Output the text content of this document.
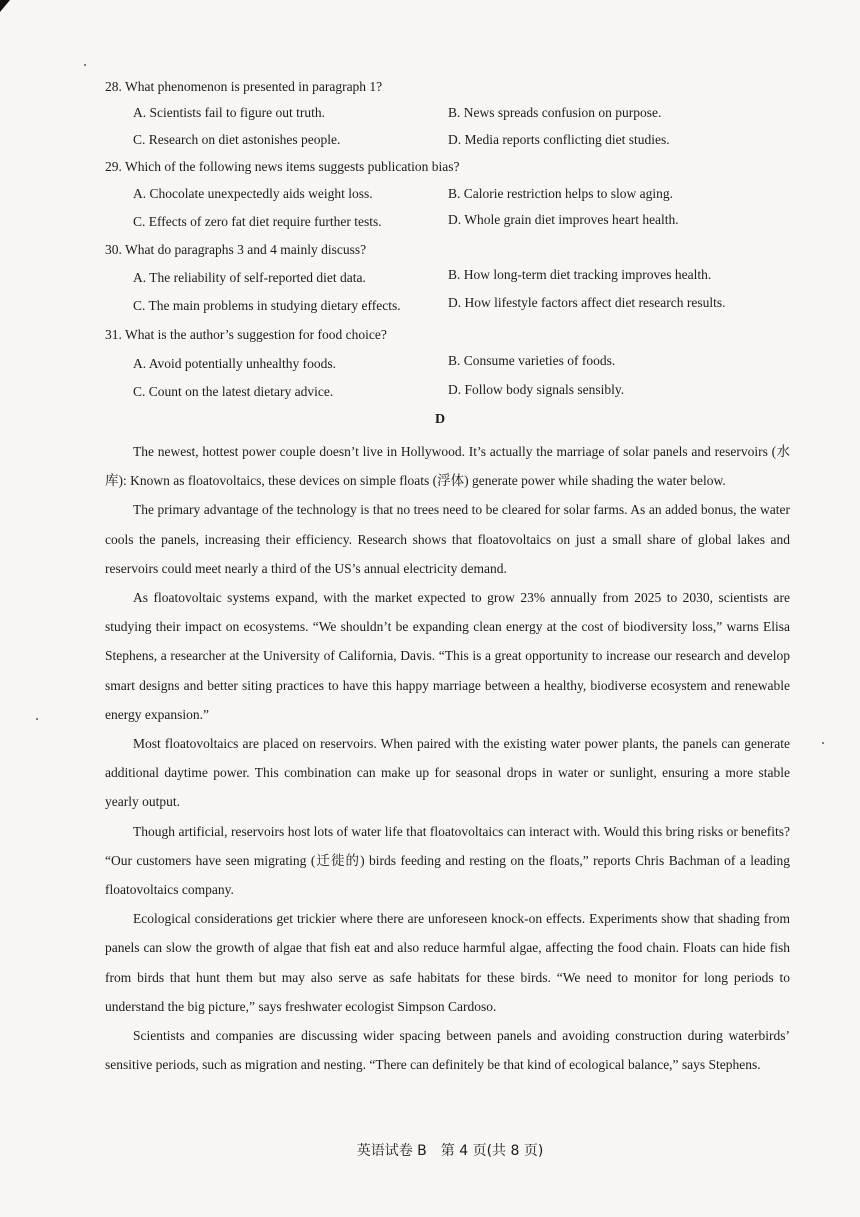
28. What phenomenon is presented in paragraph 1?
A. Scientists fail to figure out truth.	B. News spreads confusion on purpose.
C. Research on diet astonishes people.	D. Media reports conflicting diet studies.
29. Which of the following news items suggests publication bias?
A. Chocolate unexpectedly aids weight loss.	B. Calorie restriction helps to slow aging.
C. Effects of zero fat diet require further tests.	D. Whole grain diet improves heart health.
30. What do paragraphs 3 and 4 mainly discuss?
A. The reliability of self-reported diet data.	B. How long-term diet tracking improves health.
C. The main problems in studying dietary effects.	D. How lifestyle factors affect diet research results.
31. What is the author’s suggestion for food choice?
A. Avoid potentially unhealthy foods.	B. Consume varieties of foods.
C. Count on the latest dietary advice.	D. Follow body signals sensibly.
D

The newest, hottest power couple doesn’t live in Hollywood. It’s actually the marriage of solar panels and reservoirs (水库): Known as floatovoltaics, these devices on simple floats (浮体) generate power while shading the water below.

The primary advantage of the technology is that no trees need to be cleared for solar farms. As an added bonus, the water cools the panels, increasing their efficiency. Research shows that floatovoltaics on just a small share of global lakes and reservoirs could meet nearly a third of the US’s annual electricity demand.

As floatovoltaic systems expand, with the market expected to grow 23% annually from 2025 to 2030, scientists are studying their impact on ecosystems. “We shouldn’t be expanding clean energy at the cost of biodiversity loss,” warns Elisa Stephens, a researcher at the University of California, Davis. “This is a great opportunity to increase our research and develop smart designs and better siting practices to have this happy marriage between a healthy, biodiverse ecosystem and renewable energy expansion.”

Most floatovoltaics are placed on reservoirs. When paired with the existing water power plants, the panels can generate additional daytime power. This combination can make up for seasonal drops in water or sunlight, ensuring a more stable yearly output.

Though artificial, reservoirs host lots of water life that floatovoltaics can interact with. Would this bring risks or benefits? “Our customers have seen migrating (迁徙的) birds feeding and resting on the floats,” reports Chris Bachman of a leading floatovoltaics company.

Ecological considerations get trickier where there are unforeseen knock-on effects. Experiments show that shading from panels can slow the growth of algae that fish eat and also reduce harmful algae, affecting the food chain. Floats can hide fish from birds that hunt them but may also serve as safe habitats for these birds. “We need to monitor for long periods to understand the big picture,” says freshwater ecologist Simpson Cardoso.

Scientists and companies are discussing wider spacing between panels and avoiding construction during waterbirds’ sensitive periods, such as migration and nesting. “There can definitely be that kind of ecological balance,” says Stephens.

英语试卷 B　第 4 页(共 8 页)
